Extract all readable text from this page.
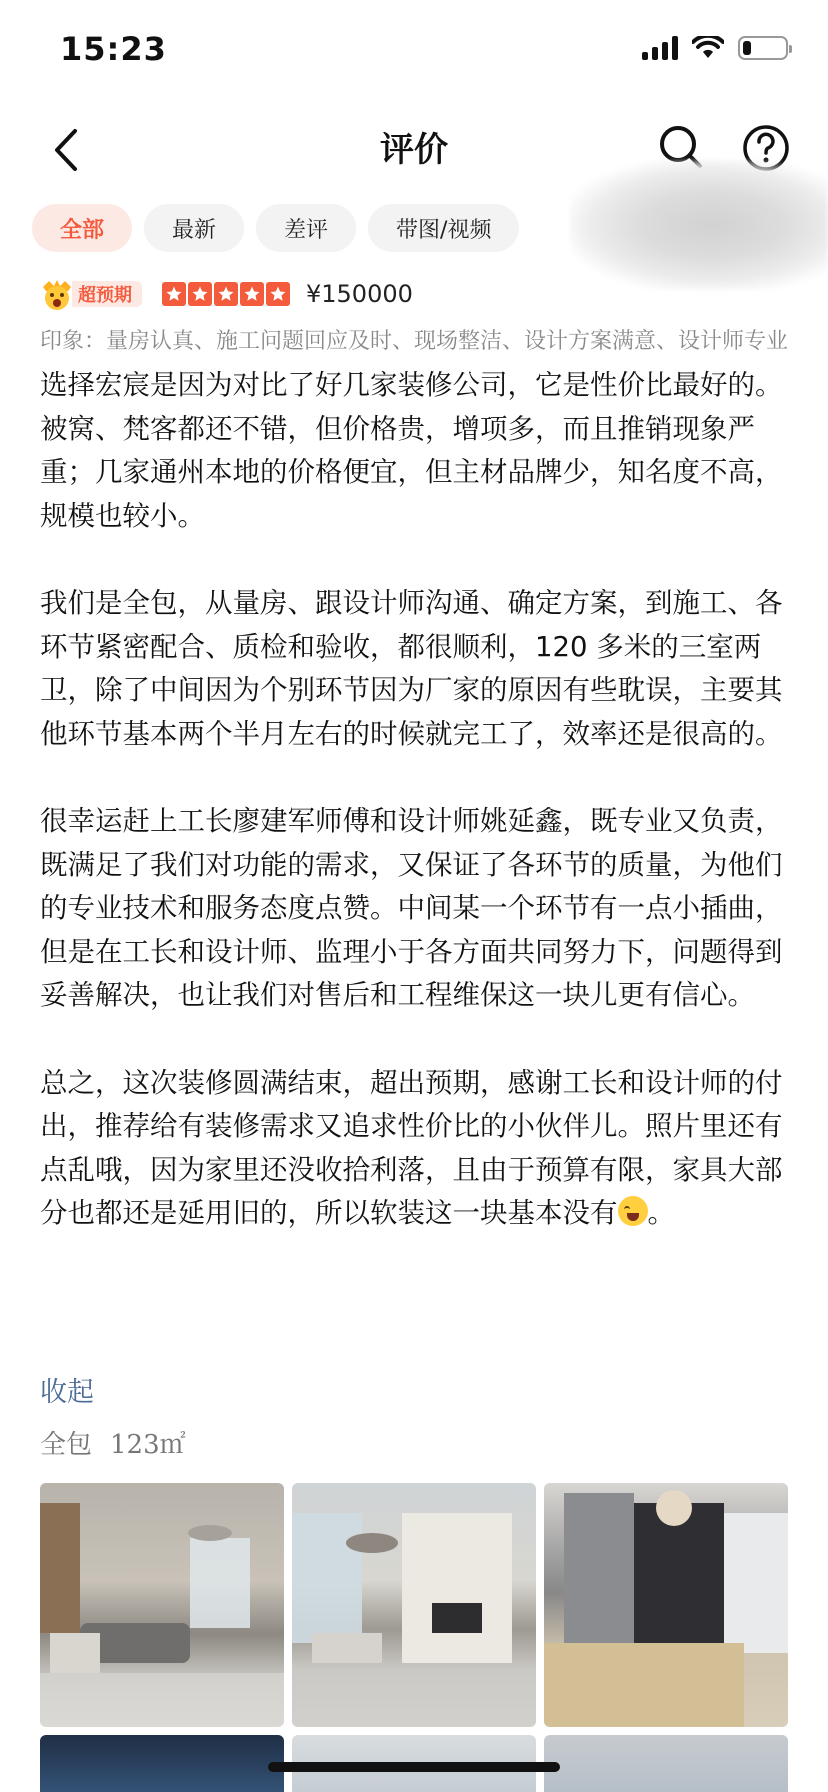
15:23
评价
全部	最新	差评	带图/视频
超预期	¥150000
印象：量房认真、施工问题回应及时、现场整洁、设计方案满意、设计师专业

选择宏宸是因为对比了好几家装修公司，它是性价比最好的。被窝、梵客都还不错，但价格贵，增项多，而且推销现象严重；几家通州本地的价格便宜，但主材品牌少，知名度不高，规模也较小。

我们是全包，从量房、跟设计师沟通、确定方案，到施工、各环节紧密配合、质检和验收，都很顺利，120 多米的三室两卫，除了中间因为个别环节因为厂家的原因有些耽误，主要其他环节基本两个半月左右的时候就完工了，效率还是很高的。

很幸运赶上工长廖建军师傅和设计师姚延鑫，既专业又负责，既满足了我们对功能的需求，又保证了各环节的质量，为他们的专业技术和服务态度点赞。中间某一个环节有一点小插曲，但是在工长和设计师、监理小于各方面共同努力下，问题得到妥善解决，也让我们对售后和工程维保这一块儿更有信心。

总之，这次装修圆满结束，超出预期，感谢工长和设计师的付出，推荐给有装修需求又追求性价比的小伙伴儿。照片里还有点乱哦，因为家里还没收拾利落，且由于预算有限，家具大部分也都还是延用旧的，所以软装这一块基本没有 。

收起
全包 123㎡
